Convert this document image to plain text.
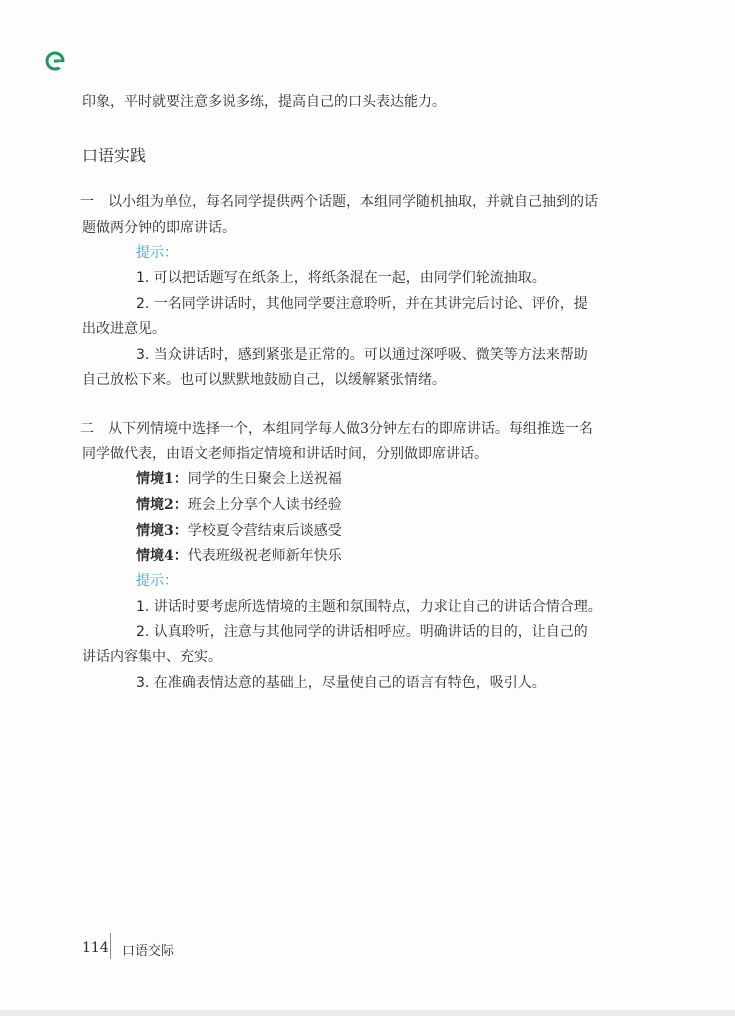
印象，平时就要注意多说多练，提高自己的口头表达能力。
口语实践
一 以小组为单位，每名同学提供两个话题，本组同学随机抽取，并就自己抽到的话
题做两分钟的即席讲话。
提示：
1. 可以把话题写在纸条上，将纸条混在一起，由同学们轮流抽取。
2. 一名同学讲话时，其他同学要注意聆听，并在其讲完后讨论、评价，提
出改进意见。
3. 当众讲话时，感到紧张是正常的。可以通过深呼吸、微笑等方法来帮助
自己放松下来。也可以默默地鼓励自己，以缓解紧张情绪。
二 从下列情境中选择一个，本组同学每人做3分钟左右的即席讲话。每组推选一名
同学做代表，由语文老师指定情境和讲话时间，分别做即席讲话。
情境1：同学的生日聚会上送祝福
情境2：班会上分享个人读书经验
情境3：学校夏令营结束后谈感受
情境4：代表班级祝老师新年快乐
提示：
1. 讲话时要考虑所选情境的主题和氛围特点，力求让自己的讲话合情合理。
2. 认真聆听，注意与其他同学的讲话相呼应。明确讲话的目的，让自己的
讲话内容集中、充实。
3. 在准确表情达意的基础上，尽量使自己的语言有特色，吸引人。
114 口语交际
